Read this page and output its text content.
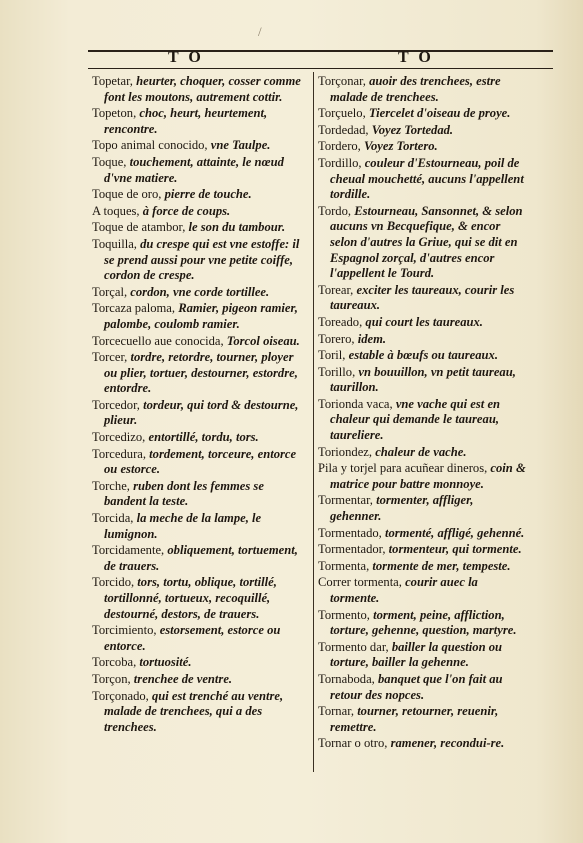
/
T O	T O
Topetar, heurter, choquer, cosser comme font les moutons, autrement cottir.
Topeton, choc, heurt, heurtement, rencontre.
Topo animal conocido, vne Taulpe.
Toque, touchement, attainte, le nœud d'vne matiere.
Toque de oro, pierre de touche.
A toques, à force de coups.
Toque de atambor, le son du tambour.
Toquilla, du crespe qui est vne estoffe: il se prend aussi pour vne petite coiffe, cordon de crespe.
Torçal, cordon, vne corde tortillee.
Torcaza paloma, Ramier, pigeon ramier, palombe, coulomb ramier.
Torcecuello aue conocida, Torcol oiseau.
Torcer, tordre, retordre, tourner, ployer ou plier, tortuer, destourner, estordre, entordre.
Torcedor, tordeur, qui tord & destourne, plieur.
Torcedizo, entortillé, tordu, tors.
Torcedura, tordement, torceure, entorce ou estorce.
Torche, ruben dont les femmes se bandent la teste.
Torcida, la meche de la lampe, le lumignon.
Torcidamente, obliquement, tortuement, de trauers.
Torcido, tors, tortu, oblique, tortillé, tortillonné, tortueux, recoquillé, destourné, destors, de trauers.
Torcimiento, estorsement, estorce ou entorce.
Torcoba, tortuosité.
Torçon, trenchee de ventre.
Torçonado, qui est trenché au ventre, malade de trenchees, qui a des trenchees.
Torçonar, auoir des trenchees, estre malade de trenchees.
Torçuelo, Tiercelet d'oiseau de proye.
Tordedad, Voyez Tortedad.
Tordero, Voyez Tortero.
Tordillo, couleur d'Estourneau, poil de cheual mouchetté, aucuns l'appellent tordille.
Tordo, Estourneau, Sansonnet, & selon aucuns vn Becquefique, & encor selon d'autres la Griue, qui se dit en Espagnol zorçal, d'autres encor l'appellent le Tourd.
Torear, exciter les taureaux, courir les taureaux.
Toreado, qui court les taureaux.
Torero, idem.
Toril, estable à bœufs ou taureaux.
Torillo, vn bouuillon, vn petit taureau, taurillon.
Torionda vaca, vne vache qui est en chaleur qui demande le taureau, taureliere.
Toriondez, chaleur de vache.
Pila y torjel para acuñear dineros, coin & matrice pour battre monnoye.
Tormentar, tormenter, affliger, gehenner.
Tormentado, tormenté, affligé, gehenné.
Tormentador, tormenteur, qui tormente.
Tormenta, tormente de mer, tempeste.
Correr tormenta, courir auec la tormente.
Tormento, torment, peine, affliction, torture, gehenne, question, martyre.
Tormento dar, bailler la question ou torture, bailler la gehenne.
Tornaboda, banquet que l'on fait au retour des nopces.
Tornar, tourner, retourner, reuenir, remettre.
Tornar o otro, ramener, recondui-re.
